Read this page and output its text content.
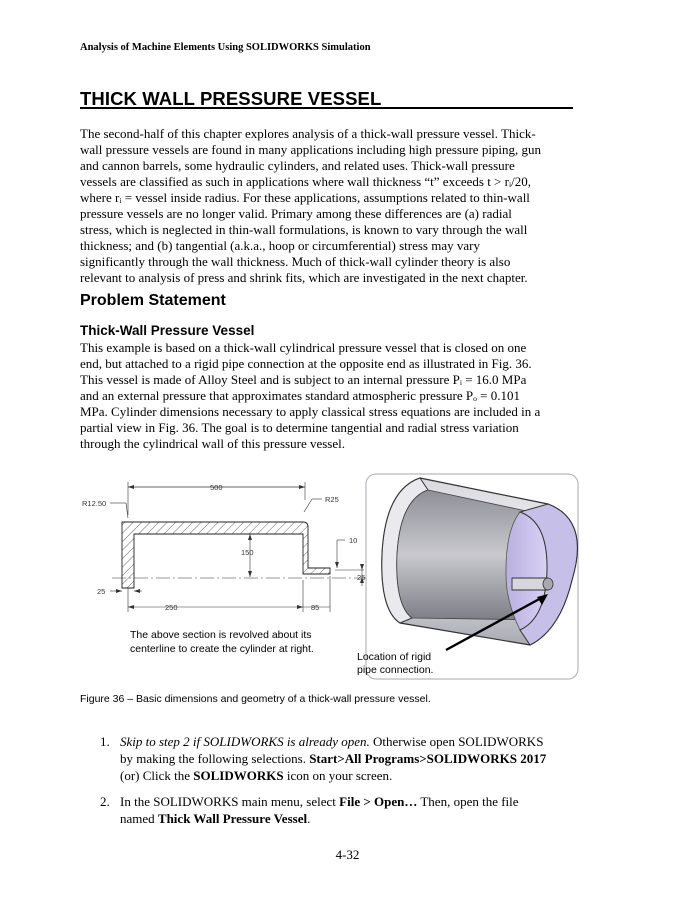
Analysis of Machine Elements Using SOLIDWORKS Simulation
THICK WALL PRESSURE VESSEL
The second-half of this chapter explores analysis of a thick-wall pressure vessel. Thick-
wall pressure vessels are found in many applications including high pressure piping, gun
and cannon barrels, some hydraulic cylinders, and related uses. Thick-wall pressure
vessels are classified as such in applications where wall thickness “t” exceeds t > rᵢ/20,
where rᵢ = vessel inside radius. For these applications, assumptions related to thin-wall
pressure vessels are no longer valid. Primary among these differences are (a) radial
stress, which is neglected in thin-wall formulations, is known to vary through the wall
thickness; and (b) tangential (a.k.a., hoop or circumferential) stress may vary
significantly through the wall thickness. Much of thick-wall cylinder theory is also
relevant to analysis of press and shrink fits, which are investigated in the next chapter.
Problem Statement
Thick-Wall Pressure Vessel
This example is based on a thick-wall cylindrical pressure vessel that is closed on one
end, but attached to a rigid pipe connection at the opposite end as illustrated in Fig. 36.
This vessel is made of Alloy Steel and is subject to an internal pressure Pᵢ = 16.0 MPa
and an external pressure that approximates standard atmospheric pressure Pₒ = 0.101
MPa. Cylinder dimensions necessary to apply classical stress equations are included in a
partial view in Fig. 36. The goal is to determine tangential and radial stress variation
through the cylindrical wall of this pressure vessel.
500
R12.50	R25
10
150
25
25
250	85
The above section is revolved about its
centerline to create the cylinder at right.
Location of rigid
pipe connection.
Figure 36 – Basic dimensions and geometry of a thick-wall pressure vessel.
1. Skip to step 2 if SOLIDWORKS is already open. Otherwise open SOLIDWORKS
by making the following selections. Start>All Programs>SOLIDWORKS 2017
(or) Click the SOLIDWORKS icon on your screen.
2. In the SOLIDWORKS main menu, select File > Open… Then, open the file
named Thick Wall Pressure Vessel.
4-32
